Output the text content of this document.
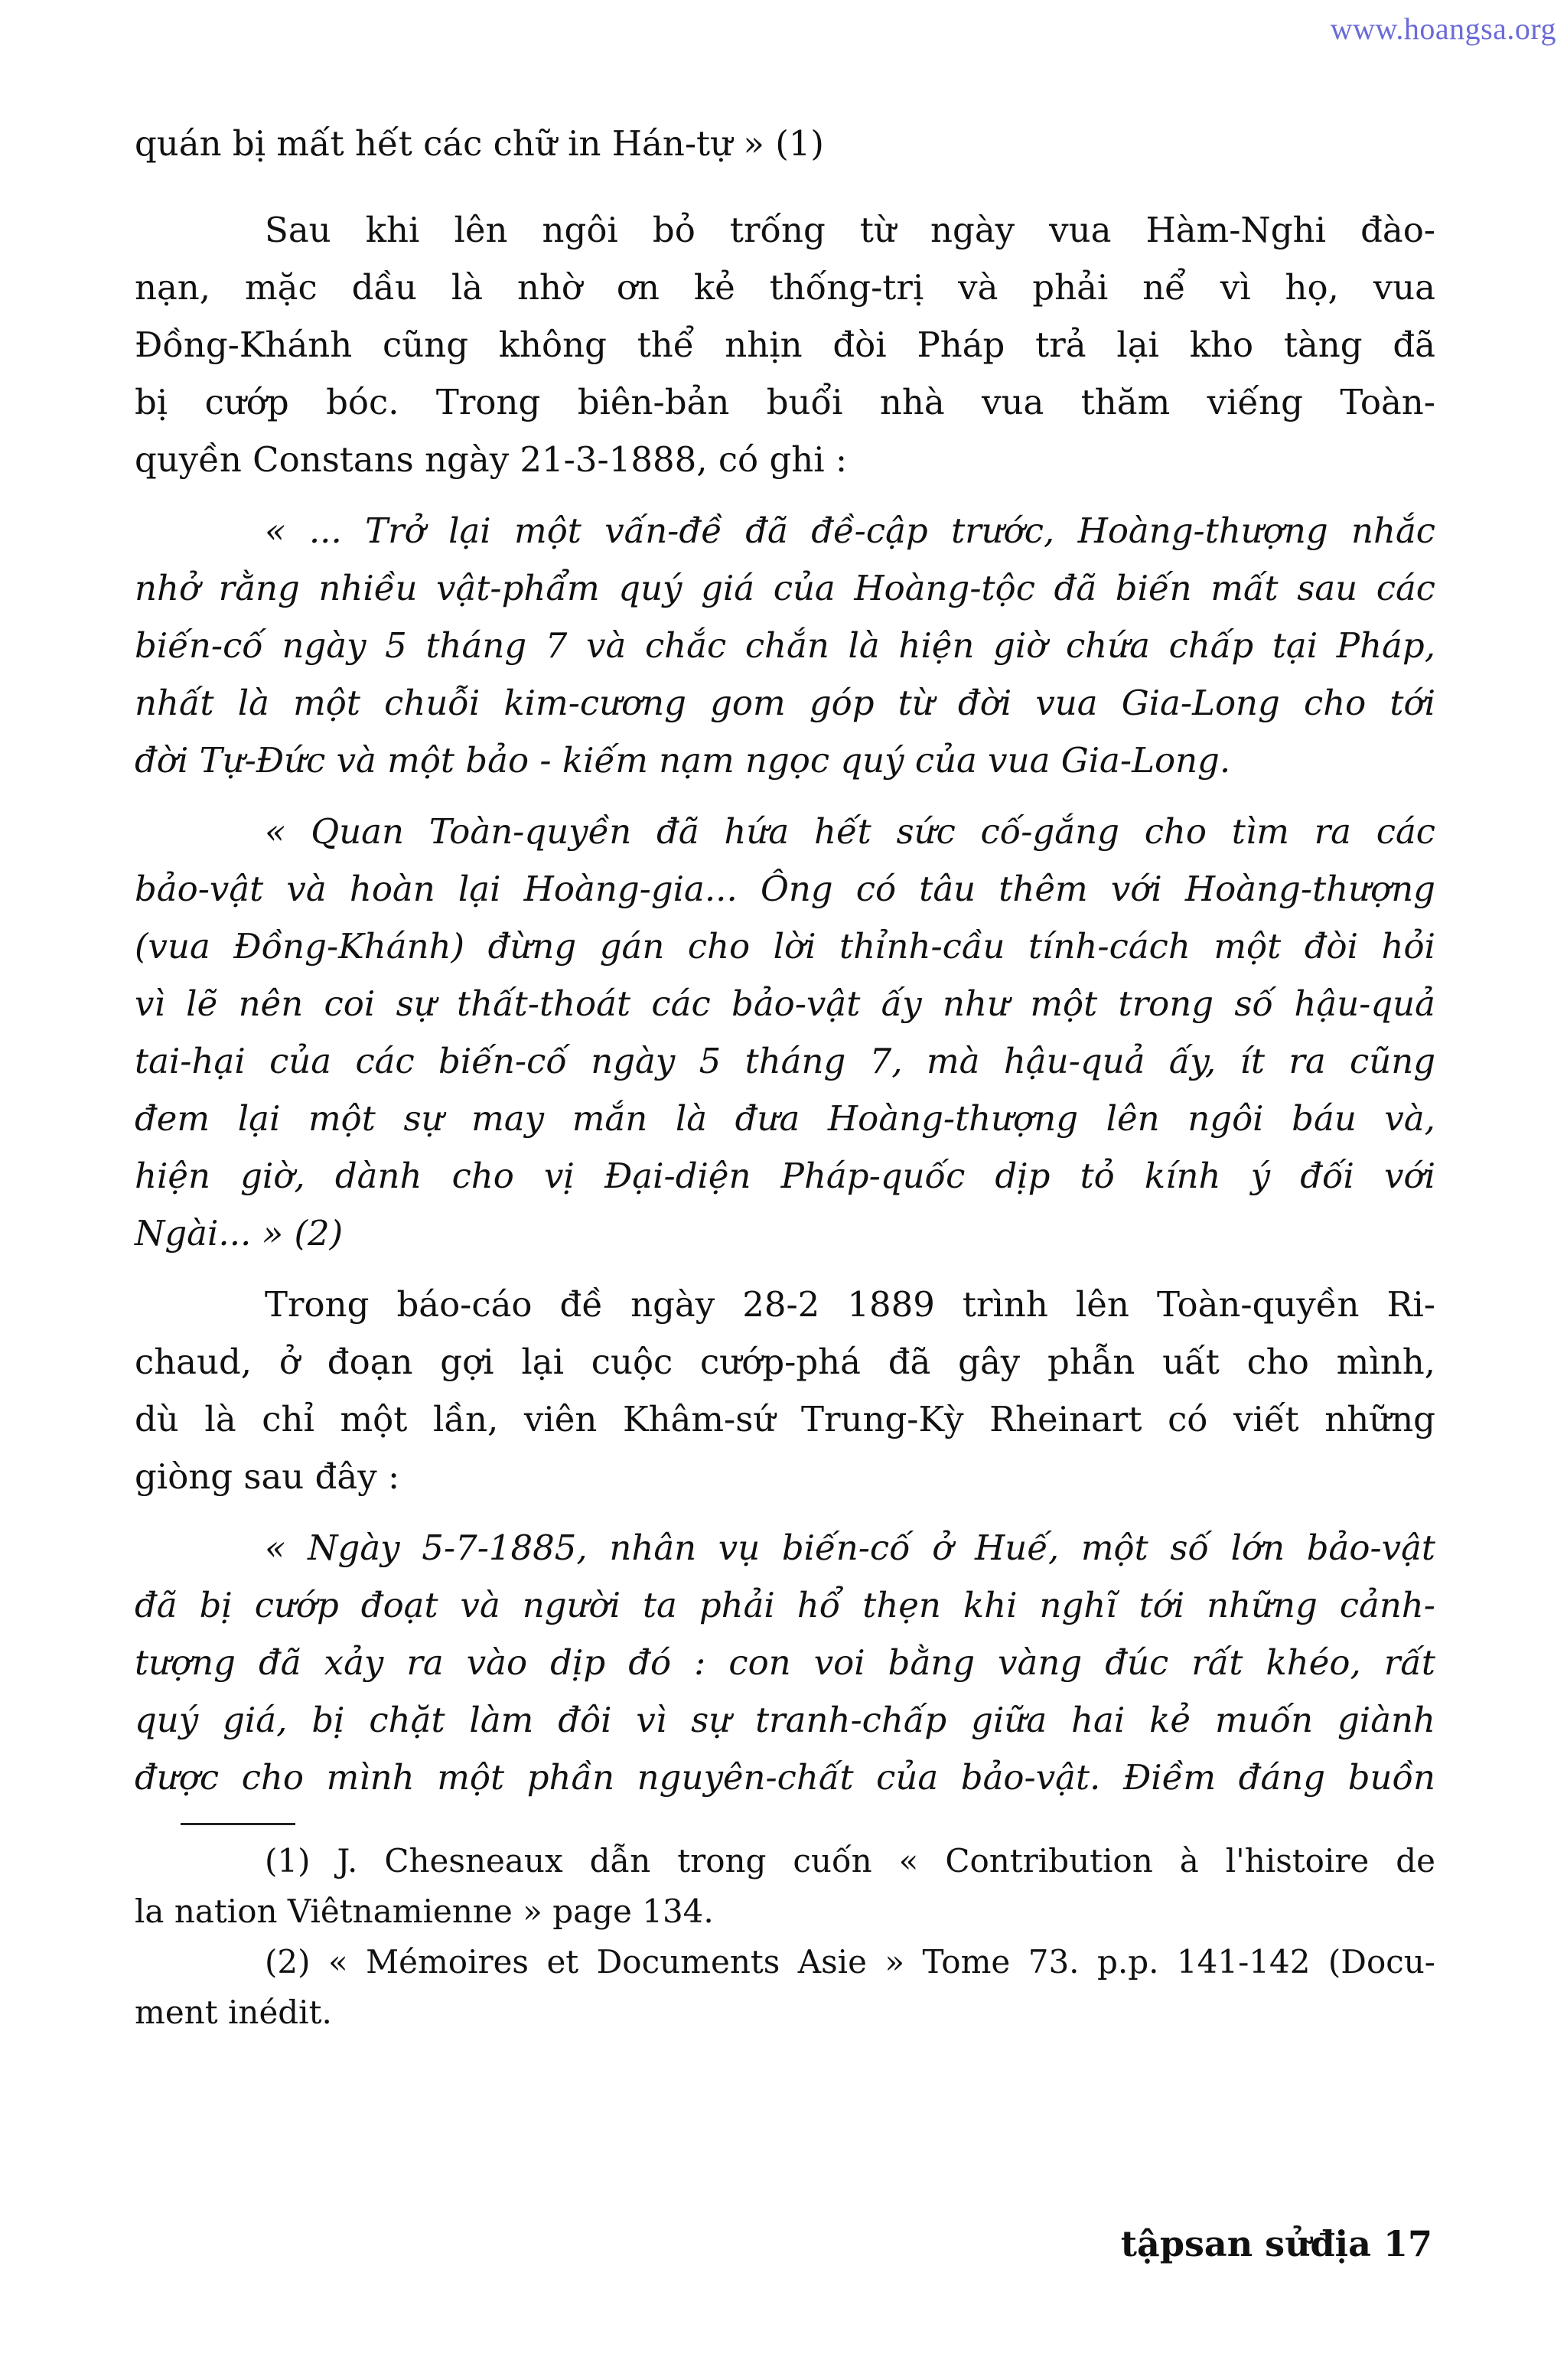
www.hoangsa.org
quán bị mất hết các chữ in Hán-tự » (1)
Sau khi lên ngôi bỏ trống từ ngày vua Hàm-Nghi đào-
nạn, mặc dầu là nhờ ơn kẻ thống-trị và phải nể vì họ, vua
Đồng-Khánh cũng không thể nhịn đòi Pháp trả lại kho tàng đã
bị cướp bóc. Trong biên-bản buổi nhà vua thăm viếng Toàn-
quyền Constans ngày 21-3-1888, có ghi :
« ... Trở lại một vấn-đề đã đề-cập trước, Hoàng-thượng nhắc
nhở rằng nhiều vật-phẩm quý giá của Hoàng-tộc đã biến mất sau các
biến-cố ngày 5 tháng 7 và chắc chắn là hiện giờ chứa chấp tại Pháp,
nhất là một chuỗi kim-cương gom góp từ đời vua Gia-Long cho tới
đời Tự-Đức và một bảo - kiếm nạm ngọc quý của vua Gia-Long.
« Quan Toàn-quyền đã hứa hết sức cố-gắng cho tìm ra các
bảo-vật và hoàn lại Hoàng-gia... Ông có tâu thêm với Hoàng-thượng
(vua Đồng-Khánh) đừng gán cho lời thỉnh-cầu tính-cách một đòi hỏi
vì lẽ nên coi sự thất-thoát các bảo-vật ấy như một trong số hậu-quả
tai-hại của các biến-cố ngày 5 tháng 7, mà hậu-quả ấy, ít ra cũng
đem lại một sự may mắn là đưa Hoàng-thượng lên ngôi báu và,
hiện giờ, dành cho vị Đại-diện Pháp-quốc dịp tỏ kính ý đối với
Ngài... » (2)
Trong báo-cáo đề ngày 28-2 1889 trình lên Toàn-quyền Ri-
chaud, ở đoạn gợi lại cuộc cướp-phá đã gây phẫn uất cho mình,
dù là chỉ một lần, viên Khâm-sứ Trung-Kỳ Rheinart có viết những
giòng sau đây :
« Ngày 5-7-1885, nhân vụ biến-cố ở Huế, một số lớn bảo-vật
đã bị cướp đoạt và người ta phải hổ thẹn khi nghĩ tới những cảnh-
tượng đã xảy ra vào dịp đó : con voi bằng vàng đúc rất khéo, rất
quý giá, bị chặt làm đôi vì sự tranh-chấp giữa hai kẻ muốn giành
được cho mình một phần nguyên-chất của bảo-vật. Điềm đáng buồn
(1) J. Chesneaux dẫn trong cuốn « Contribution à l'histoire de
la nation Viêtnamienne » page 134.
(2) « Mémoires et Documents Asie » Tome 73. p.p. 141-142 (Docu-
ment inédit.
tậpsan sửđịa 17
